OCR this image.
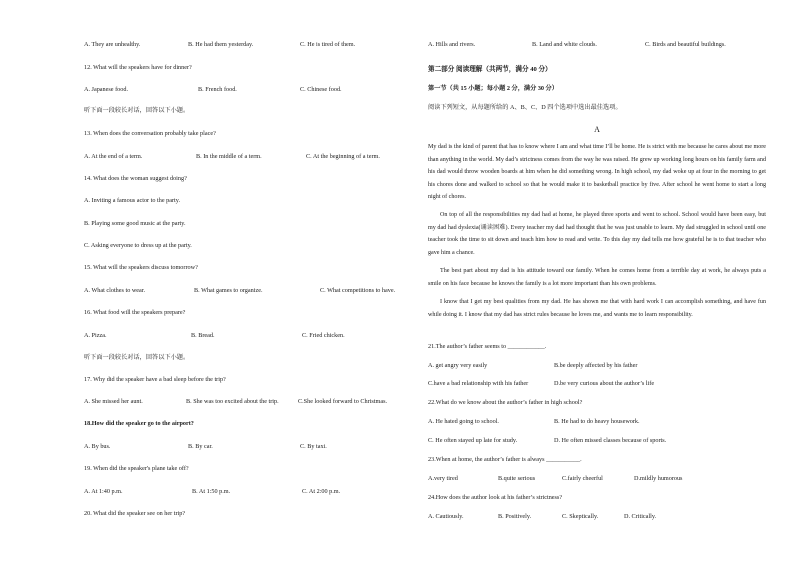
A. They are unhealthy.	B. He had them yesterday.	C. He is tired of them.
12. What will the speakers have for dinner?
A. Japanese food.	B. French food.	C. Chinese food.
听下面一段较长对话，回答以下小题。
13. When does the conversation probably take place?
A. At the end of a term.	B. In the middle of a term.	C. At the beginning of a term.
14. What does the woman suggest doing?
A. Inviting a famous actor to the party.
B. Playing some good music at the party.
C. Asking everyone to dress up at the party.
15. What will the speakers discuss tomorrow?
A. What clothes to wear.	B. What games to organize.	C. What competitions to have.
16. What food will the speakers prepare?
A. Pizza.	B. Bread.	C. Fried chicken.
听下面一段较长对话，回答以下小题。
17. Why did the speaker have a bad sleep before the trip?
A. She missed her aunt.	B. She was too excited about the trip.	C.She looked forward to Christmas.
18.How did the speaker go to the airport?
A. By bus.	B. By car.	C. By taxi.
19. When did the speaker's plane take off?
A. At 1:40 p.m.	B. At 1:50 p.m.	C. At 2:00 p.m.
20. What did the speaker see on her trip?
A. Hills and rivers.	B. Land and white clouds.	C. Birds and beautiful buildings.
第二部分 阅读理解（共两节，满分 40 分）
第一节（共 15 小题；每小题 2 分，满分 30 分）
阅读下列短文，从每题所给的 A、B、C、D 四个选项中选出最佳选项。
A

My dad is the kind of parent that has to know where I am and what time I’ll be home. He is strict with me because he cares about me more than anything in the world. My dad’s strictness comes from the way he was raised. He grew up working long hours on his family farm and his dad would throw wooden boards at him when he did something wrong. In high school, my dad woke up at four in the morning to get his chores done and walked to school so that he would make it to basketball practice by five. After school he went home to start a long night of chores.

On top of all the responsibilities my dad had at home, he played three sports and went to school. School would have been easy, but my dad had dyslexia(诵读困难). Every teacher my dad had thought that he was just unable to learn. My dad struggled in school until one teacher took the time to sit down and teach him how to read and write. To this day my dad tells me how grateful he is to that teacher who gave him a chance.

The best part about my dad is his attitude toward our family. When he comes home from a terrible day at work, he always puts a smile on his face because he knows the family is a lot more important than his own problems.

I know that I get my best qualities from my dad. He has shown me that with hard work I can accomplish something, and have fun while doing it. I know that my dad has strict rules because he loves me, and wants me to learn responsibility.

21.The author’s father seems to ____________.
A. get angry very easily	B.be deeply affected by his father
C.have a bad relationship with his father	D.be very curious about the author’s life
22.What do we know about the author’s father in high school?
A. He hated going to school.	B. He had to do heavy housework.
C. He often stayed up late for study.	D. He often missed classes because of sports.
23.When at home, the author’s father is always ___________.
A.very tired	B.quite serious	C.fairly cheerful	D.mildly humorous
24.How does the author look at his father’s strictness?
A. Cautiously.	B. Positively.	C. Skeptically.	D. Critically.
